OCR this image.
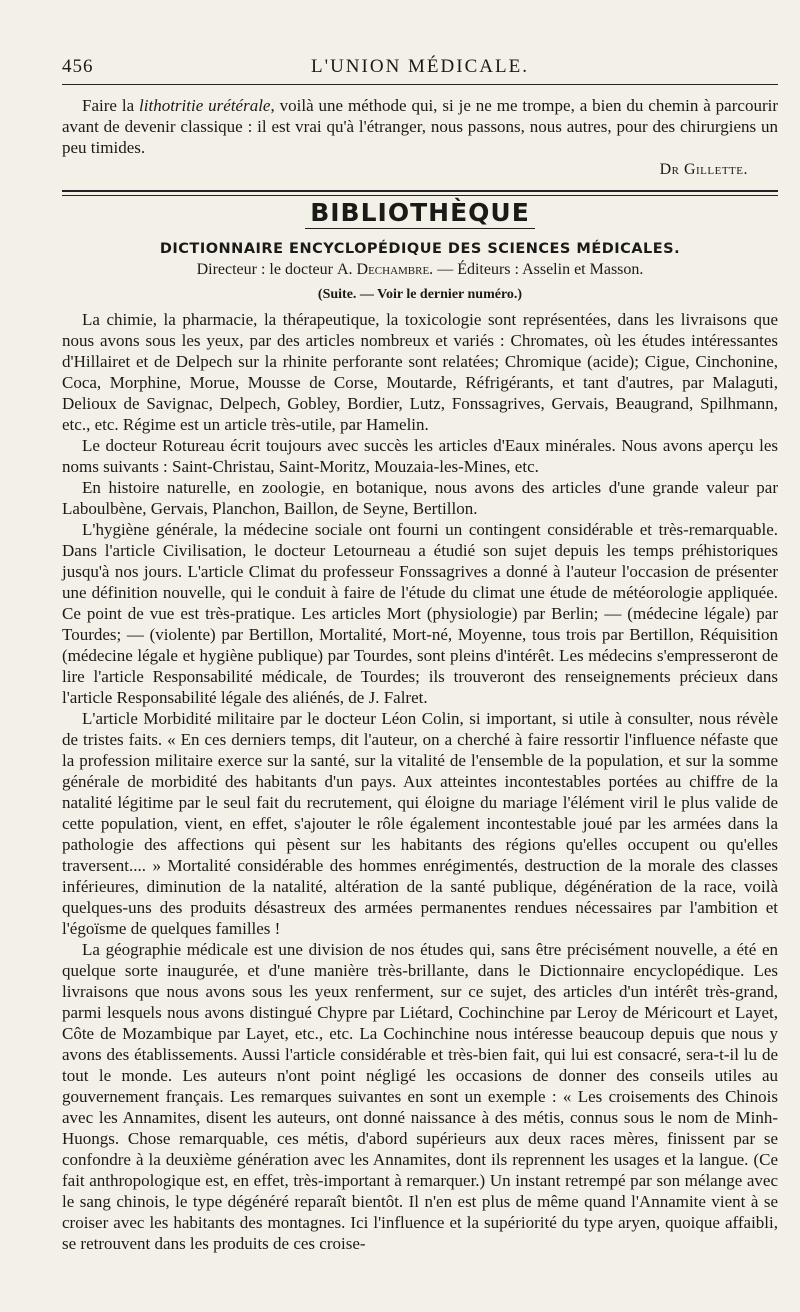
456	L'UNION MÉDICALE.

Faire la lithotritie urétérale, voilà une méthode qui, si je ne me trompe, a bien du chemin à parcourir avant de devenir classique : il est vrai qu'à l'étranger, nous passons, nous autres, pour des chirurgiens un peu timides.

Dr Gillette.
BIBLIOTHÈQUE
DICTIONNAIRE ENCYCLOPÉDIQUE DES SCIENCES MÉDICALES.
Directeur : le docteur A. Dechambre. — Éditeurs : Asselin et Masson.
(Suite. — Voir le dernier numéro.)

La chimie, la pharmacie, la thérapeutique, la toxicologie sont représentées, dans les livraisons que nous avons sous les yeux, par des articles nombreux et variés : Chromates, où les études intéressantes d'Hillairet et de Delpech sur la rhinite perforante sont relatées; Chromique (acide); Cigue, Cinchonine, Coca, Morphine, Morue, Mousse de Corse, Moutarde, Réfrigérants, et tant d'autres, par Malaguti, Delioux de Savignac, Delpech, Gobley, Bordier, Lutz, Fonssagrives, Gervais, Beaugrand, Spilhmann, etc., etc. Régime est un article très-utile, par Hamelin.

Le docteur Rotureau écrit toujours avec succès les articles d'Eaux minérales. Nous avons aperçu les noms suivants : Saint-Christau, Saint-Moritz, Mouzaia-les-Mines, etc.

En histoire naturelle, en zoologie, en botanique, nous avons des articles d'une grande valeur par Laboulbène, Gervais, Planchon, Baillon, de Seyne, Bertillon.

L'hygiène générale, la médecine sociale ont fourni un contingent considérable et très-remarquable. Dans l'article Civilisation, le docteur Letourneau a étudié son sujet depuis les temps préhistoriques jusqu'à nos jours. L'article Climat du professeur Fonssagrives a donné à l'auteur l'occasion de présenter une définition nouvelle, qui le conduit à faire de l'étude du climat une étude de météorologie appliquée. Ce point de vue est très-pratique. Les articles Mort (physiologie) par Berlin; — (médecine légale) par Tourdes; — (violente) par Bertillon, Mortalité, Mort-né, Moyenne, tous trois par Bertillon, Réquisition (médecine légale et hygiène publique) par Tourdes, sont pleins d'intérêt. Les médecins s'empresseront de lire l'article Responsabilité médicale, de Tourdes; ils trouveront des renseignements précieux dans l'article Responsabilité légale des aliénés, de J. Falret.

L'article Morbidité militaire par le docteur Léon Colin, si important, si utile à consulter, nous révèle de tristes faits. « En ces derniers temps, dit l'auteur, on a cherché à faire ressortir l'influence néfaste que la profession militaire exerce sur la santé, sur la vitalité de l'ensemble de la population, et sur la somme générale de morbidité des habitants d'un pays. Aux atteintes incontestables portées au chiffre de la natalité légitime par le seul fait du recrutement, qui éloigne du mariage l'élément viril le plus valide de cette population, vient, en effet, s'ajouter le rôle également incontestable joué par les armées dans la pathologie des affections qui pèsent sur les habitants des régions qu'elles occupent ou qu'elles traversent.... » Mortalité considérable des hommes enrégimentés, destruction de la morale des classes inférieures, diminution de la natalité, altération de la santé publique, dégénération de la race, voilà quelques-uns des produits désastreux des armées permanentes rendues nécessaires par l'ambition et l'égoïsme de quelques familles !

La géographie médicale est une division de nos études qui, sans être précisément nouvelle, a été en quelque sorte inaugurée, et d'une manière très-brillante, dans le Dictionnaire encyclopédique. Les livraisons que nous avons sous les yeux renferment, sur ce sujet, des articles d'un intérêt très-grand, parmi lesquels nous avons distingué Chypre par Liétard, Cochinchine par Leroy de Méricourt et Layet, Côte de Mozambique par Layet, etc., etc. La Cochinchine nous intéresse beaucoup depuis que nous y avons des établissements. Aussi l'article considérable et très-bien fait, qui lui est consacré, sera-t-il lu de tout le monde. Les auteurs n'ont point négligé les occasions de donner des conseils utiles au gouvernement français. Les remarques suivantes en sont un exemple : « Les croisements des Chinois avec les Annamites, disent les auteurs, ont donné naissance à des métis, connus sous le nom de Minh-Huongs. Chose remarquable, ces métis, d'abord supérieurs aux deux races mères, finissent par se confondre à la deuxième génération avec les Annamites, dont ils reprennent les usages et la langue. (Ce fait anthropologique est, en effet, très-important à remarquer.) Un instant retrempé par son mélange avec le sang chinois, le type dégénéré reparaît bientôt. Il n'en est plus de même quand l'Annamite vient à se croiser avec les habitants des montagnes. Ici l'influence et la supériorité du type aryen, quoique affaibli, se retrouvent dans les produits de ces croise-
